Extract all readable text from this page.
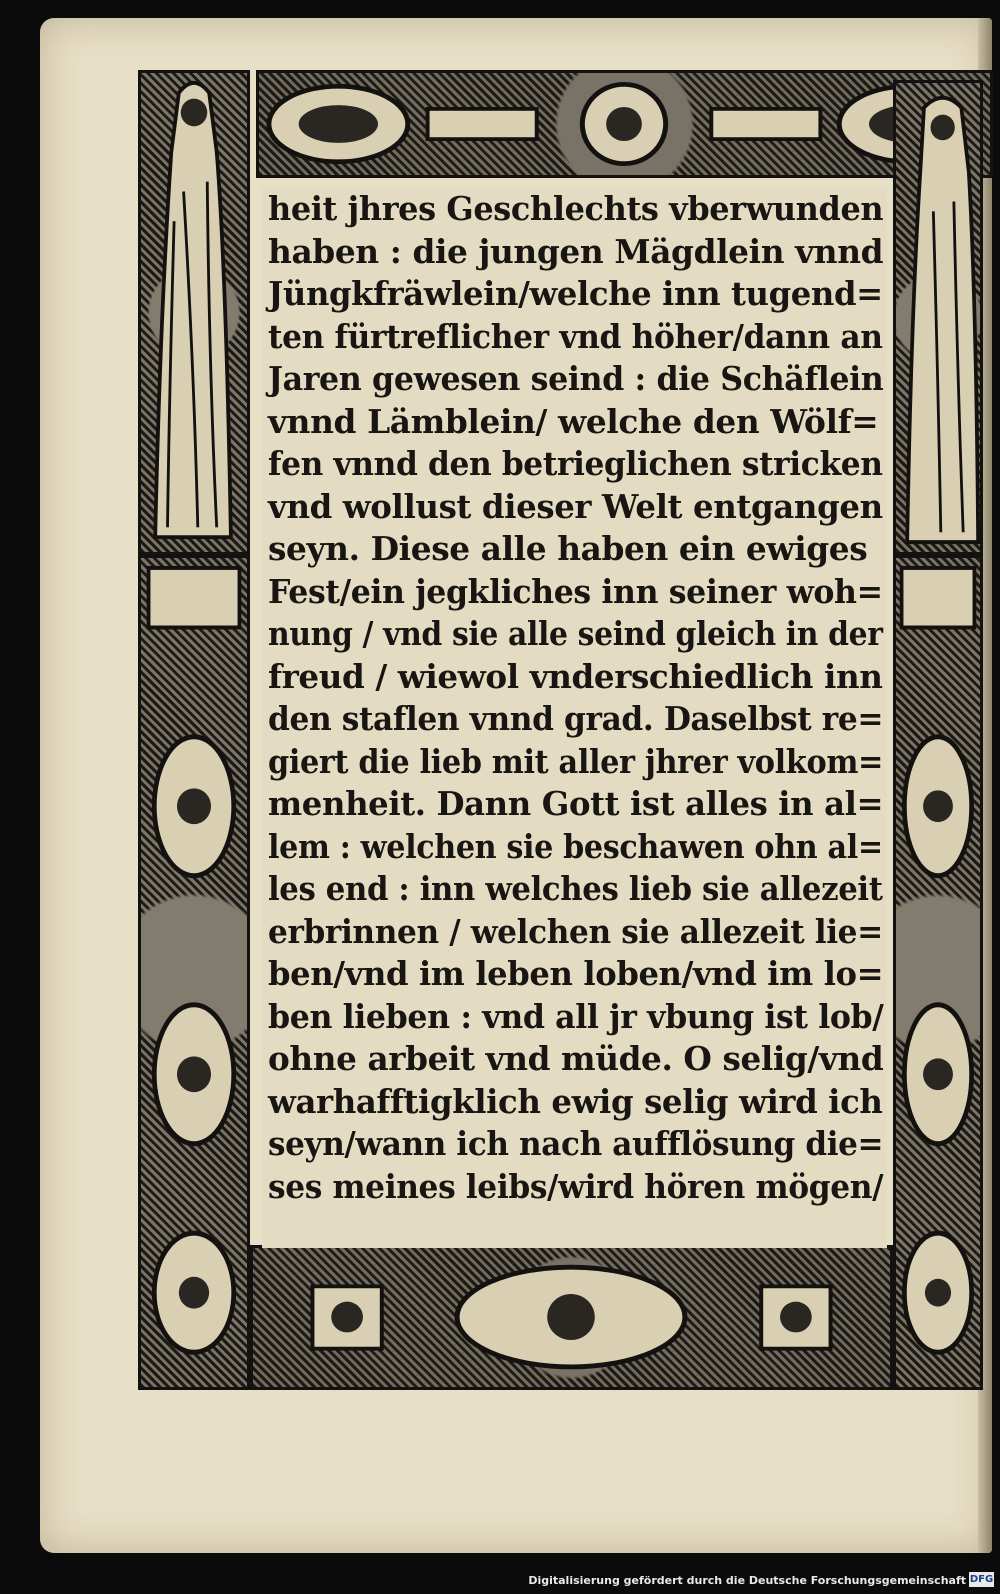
heit jhres Geschlechts vberwunden

haben : die jungen Mägdlein vnnd

Jüngkfräwlein/welche inn tugend=

ten fürtreflicher vnd höher/dann an

Jaren gewesen seind : die Schäflein

vnnd Lämblein/ welche den Wölf=

fen vnnd den betrieglichen stricken

vnd wollust dieser Welt entgangen

seyn. Diese alle haben ein ewiges

Fest/ein jegkliches inn seiner woh=

nung / vnd sie alle seind gleich in der

freud / wiewol vnderschiedlich inn

den staflen vnnd grad. Daselbst re=

giert die lieb mit aller jhrer volkom=

menheit. Dann Gott ist alles in al=

lem : welchen sie beschawen ohn al=

les end : inn welches lieb sie allezeit

erbrinnen / welchen sie allezeit lie=

ben/vnd im leben loben/vnd im lo=

ben lieben : vnd all jr vbung ist lob/

ohne arbeit vnd müde. O selig/vnd

warhafftigklich ewig selig wird ich

seyn/wann ich nach aufflösung die=

ses meines leibs/wird hören mögen/

Digitalisierung gefördert durch die Deutsche Forschungsgemeinschaft DFG
